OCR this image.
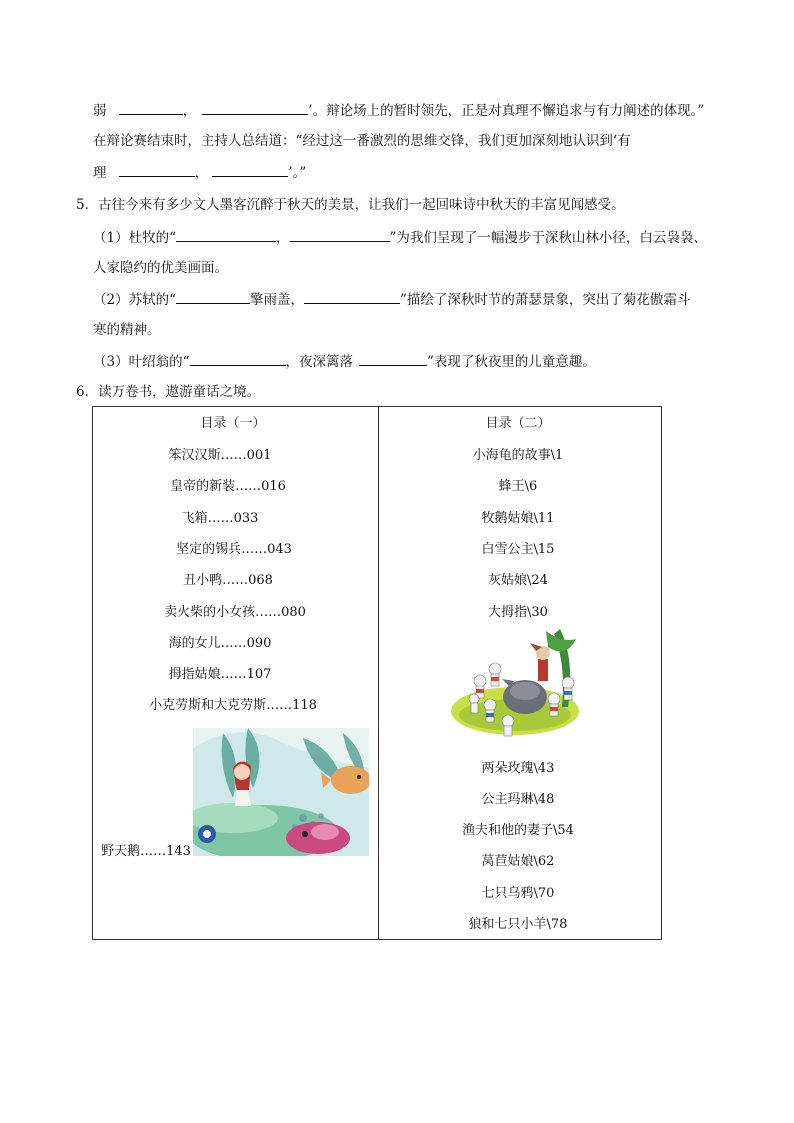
弱	，	’。辩论场上的暂时领先，正是对真理不懈追求与有力阐述的体现。”
在辩论赛结束时，主持人总结道：“经过这一番激烈的思维交锋，我们更加深刻地认识到‘有
理	，	’。”
5．古往今来有多少文人墨客沉醉于秋天的美景，让我们一起回味诗中秋天的丰富见闻感受。
（1）杜牧的“	，	”为我们呈现了一幅漫步于深秋山林小径，白云袅袅、
人家隐约的优美画面。
（2）苏轼的“	擎雨盖，	”描绘了深秋时节的萧瑟景象，突出了菊花傲霜斗
寒的精神。
（3）叶绍翁的“	，夜深篱落	”表现了秋夜里的儿童意趣。
6．读万卷书，遨游童话之境。
目录（一）
笨汉汉斯……001
皇帝的新装……016
飞箱……033
坚定的锡兵……043
丑小鸭……068
卖火柴的小女孩……080
海的女儿……090
拇指姑娘……107
小克劳斯和大克劳斯……118
野天鹅……143
目录（二）
小海龟的故事\1
蜂王\6
牧鹅姑娘\11
白雪公主\15
灰姑娘\24
大拇指\30
两朵玫瑰\43
公主玛琳\48
渔夫和他的妻子\54
莴苣姑娘\62
七只乌鸦\70
狼和七只小羊\78
